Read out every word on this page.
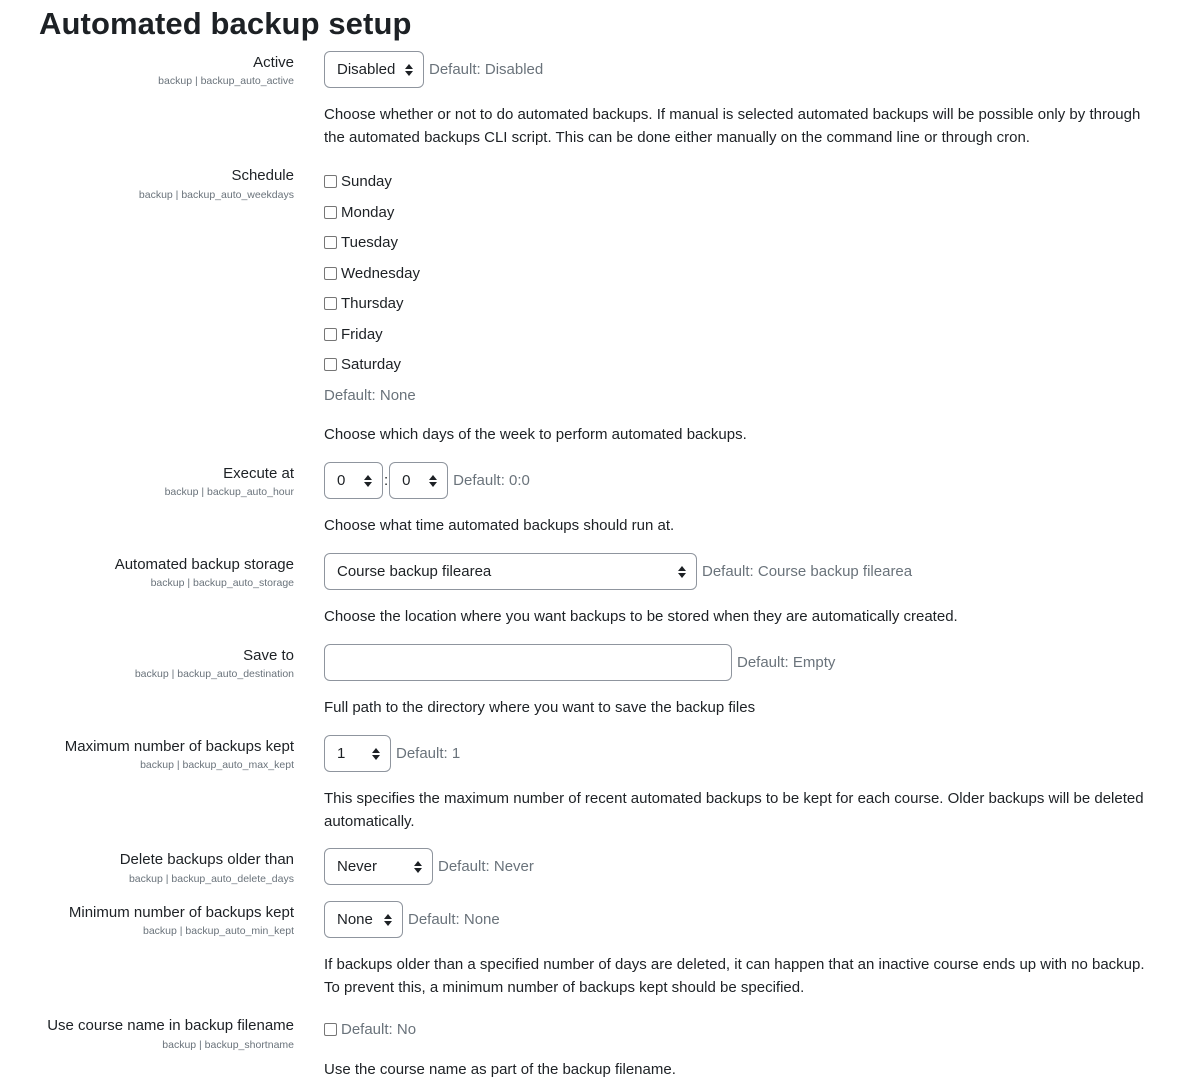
Automated backup setup
Active
backup | backup_auto_active
Disabled Default: Disabled
Choose whether or not to do automated backups. If manual is selected automated backups will be possible only by through the automated backups CLI script. This can be done either manually on the command line or through cron.
Schedule
backup | backup_auto_weekdays
Sunday
Monday
Tuesday
Wednesday
Thursday
Friday
Saturday
Default: None
Choose which days of the week to perform automated backups.
Execute at
backup | backup_auto_hour
0	: 0	Default: 0:0
Choose what time automated backups should run at.
Automated backup storage
backup | backup_auto_storage
Course backup filearea	Default: Course backup filearea
Choose the location where you want backups to be stored when they are automatically created.
Save to
backup | backup_auto_destination
Default: Empty
Full path to the directory where you want to save the backup files
Maximum number of backups kept
backup | backup_auto_max_kept
1	Default: 1
This specifies the maximum number of recent automated backups to be kept for each course. Older backups will be deleted automatically.
Delete backups older than
backup | backup_auto_delete_days
Never	Default: Never
Minimum number of backups kept
backup | backup_auto_min_kept
None Default: None
If backups older than a specified number of days are deleted, it can happen that an inactive course ends up with no backup. To prevent this, a minimum number of backups kept should be specified.
Use course name in backup filename
backup | backup_shortname
Default: No
Use the course name as part of the backup filename.
